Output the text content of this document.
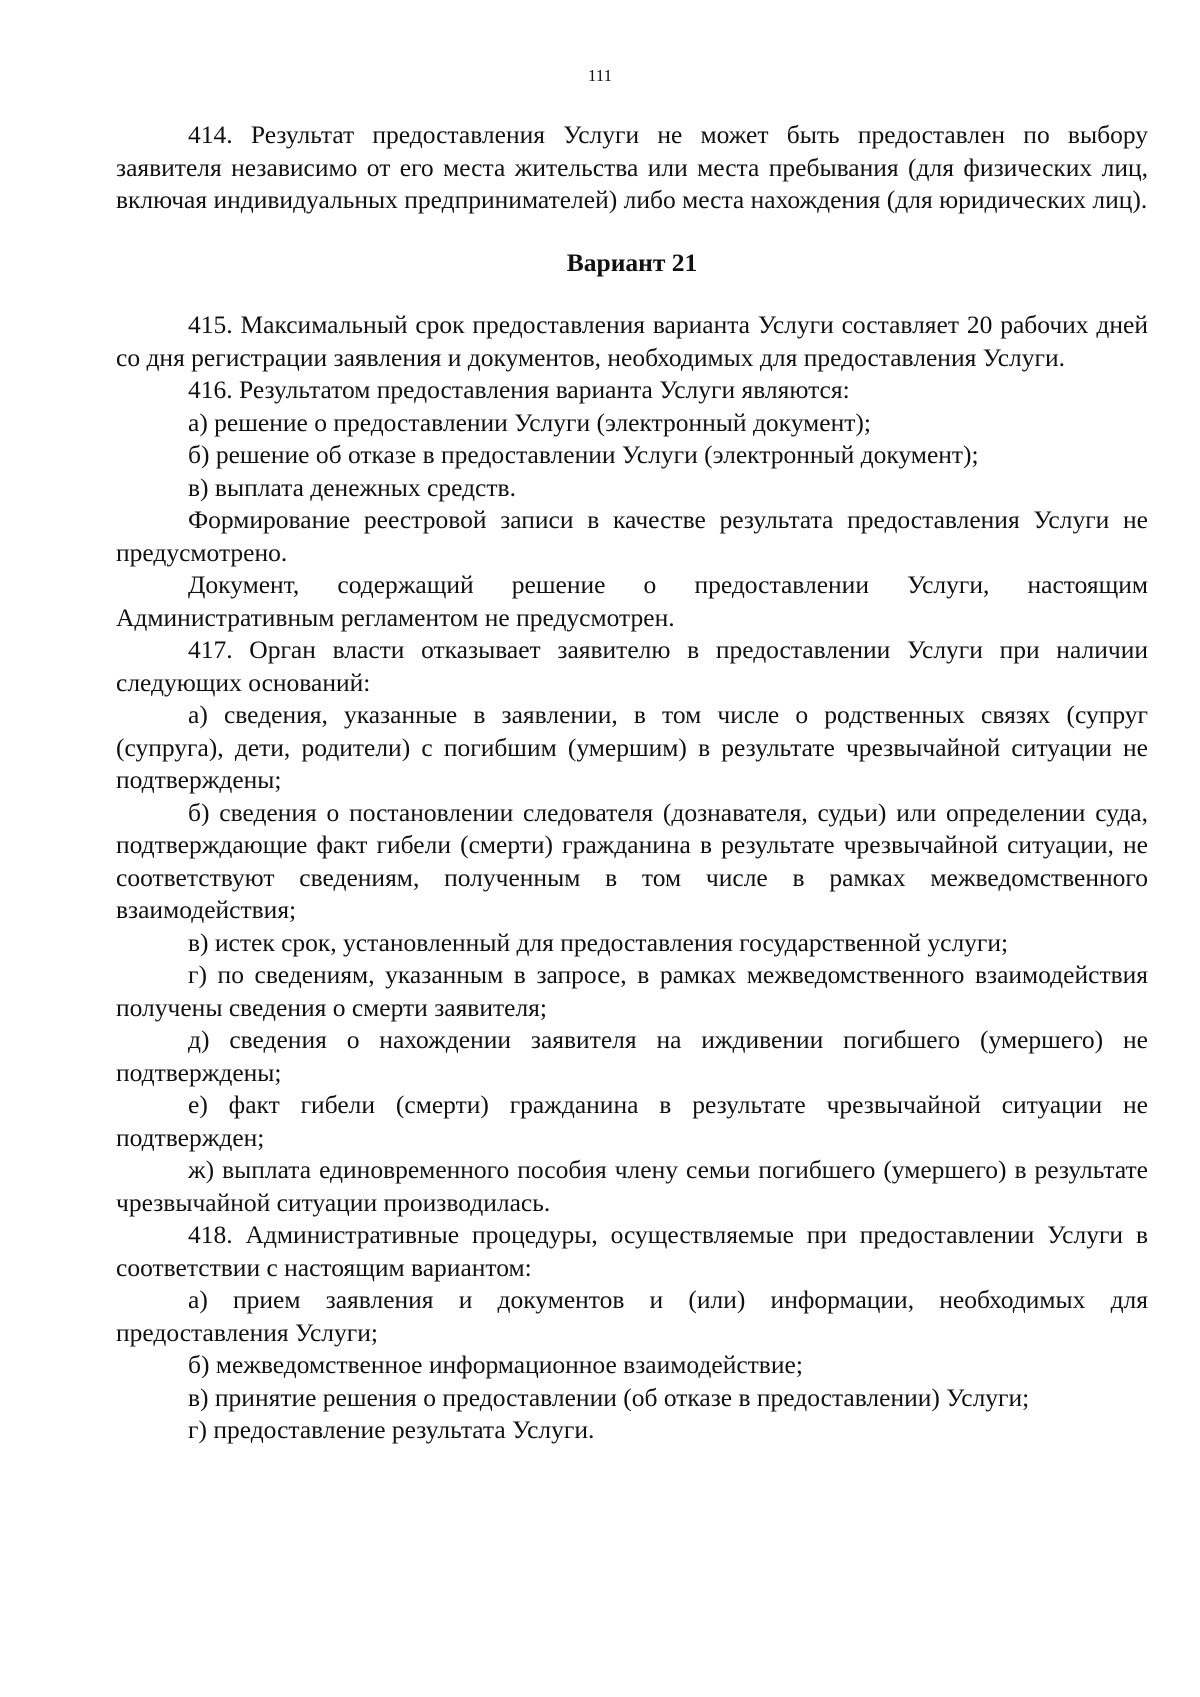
111

414. Результат предоставления Услуги не может быть предоставлен по выбору заявителя независимо от его места жительства или места пребывания (для физических лиц, включая индивидуальных предпринимателей) либо места нахождения (для юридических лиц).

Вариант 21

415. Максимальный срок предоставления варианта Услуги составляет 20 рабочих дней со дня регистрации заявления и документов, необходимых для предоставления Услуги.

416. Результатом предоставления варианта Услуги являются:

а) решение о предоставлении Услуги (электронный документ);

б) решение об отказе в предоставлении Услуги (электронный документ);

в) выплата денежных средств.

Формирование реестровой записи в качестве результата предоставления Услуги не предусмотрено.

Документ, содержащий решение о предоставлении Услуги, настоящим Административным регламентом не предусмотрен.

417. Орган власти отказывает заявителю в предоставлении Услуги при наличии следующих оснований:

а) сведения, указанные в заявлении, в том числе о родственных связях (супруг (супруга), дети, родители) с погибшим (умершим) в результате чрезвычайной ситуации не подтверждены;

б) сведения о постановлении следователя (дознавателя, судьи) или определении суда, подтверждающие факт гибели (смерти) гражданина в результате чрезвычайной ситуации, не соответствуют сведениям, полученным в том числе в рамках межведомственного взаимодействия;

в) истек срок, установленный для предоставления государственной услуги;

г) по сведениям, указанным в запросе, в рамках межведомственного взаимодействия получены сведения о смерти заявителя;

д) сведения о нахождении заявителя на иждивении погибшего (умершего) не подтверждены;

е) факт гибели (смерти) гражданина в результате чрезвычайной ситуации не подтвержден;

ж) выплата единовременного пособия члену семьи погибшего (умершего) в результате чрезвычайной ситуации производилась.

418. Административные процедуры, осуществляемые при предоставлении Услуги в соответствии с настоящим вариантом:

а) прием заявления и документов и (или) информации, необходимых для предоставления Услуги;

б) межведомственное информационное взаимодействие;

в) принятие решения о предоставлении (об отказе в предоставлении) Услуги;

г) предоставление результата Услуги.
